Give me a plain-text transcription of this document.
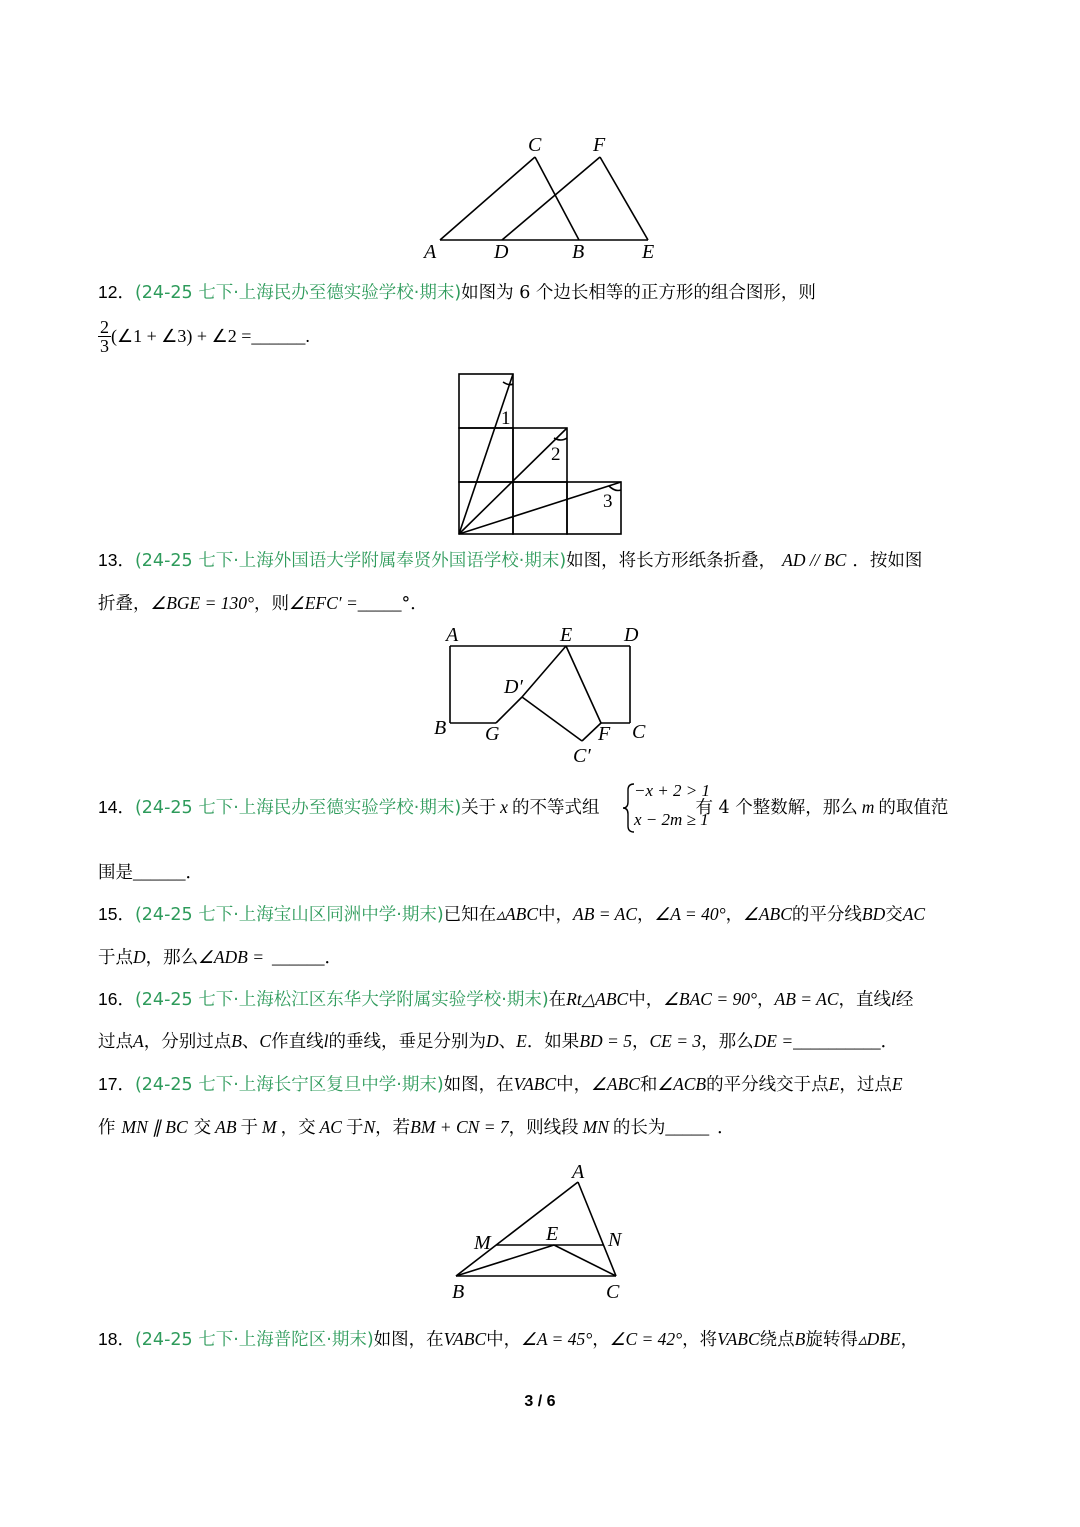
C	F
A	D	B	E
12．(24-25 七下·上海民办至德实验学校·期末)如图为 6 个边长相等的正方形的组合图形，则
$\frac{2}{3}$ (∠1 + ∠3) + ∠2 =______.
1
2
3
13．(24-25 七下·上海外国语大学附属奉贤外国语学校·期末)如图，将长方形纸条折叠， AD // BC ．按如图
折叠，∠BGE = 130°，则∠EFC′ =_____°．
A	E	D
D′
B G	F C
C′
14．(24-25 七下·上海民办至德实验学校·期末)关于 x 的不等式组	有 4 个整数解，那么 m 的取值范
−x + 2 > 1
x − 2m ≥ 1
围是______．
15．(24-25 七下·上海宝山区同洲中学·期末)已知在▵ABC中，AB = AC，∠A = 40°，∠ABC的平分线BD交AC
于点D，那么∠ADB = ______．
16．(24-25 七下·上海松江区东华大学附属实验学校·期末)在Rt△ABC中，∠BAC = 90°，AB = AC，直线l经
过点A，分别过点B、C作直线l的垂线，垂足分别为D、E．如果BD = 5，CE = 3，那么DE =__________．
17．(24-25 七下·上海长宁区复旦中学·期末)如图，在VABC中，∠ABC和∠ACB的平分线交于点E，过点E
作 MN ∥ BC 交 AB 于 M ，交 AC 于N，若BM + CN = 7，则线段 MN 的长为_____ ．
A
M	E N
B	C
18．(24-25 七下·上海普陀区·期末)如图，在VABC中，∠A = 45°，∠C = 42°，将VABC绕点B旋转得▵DBE，
3 / 6
